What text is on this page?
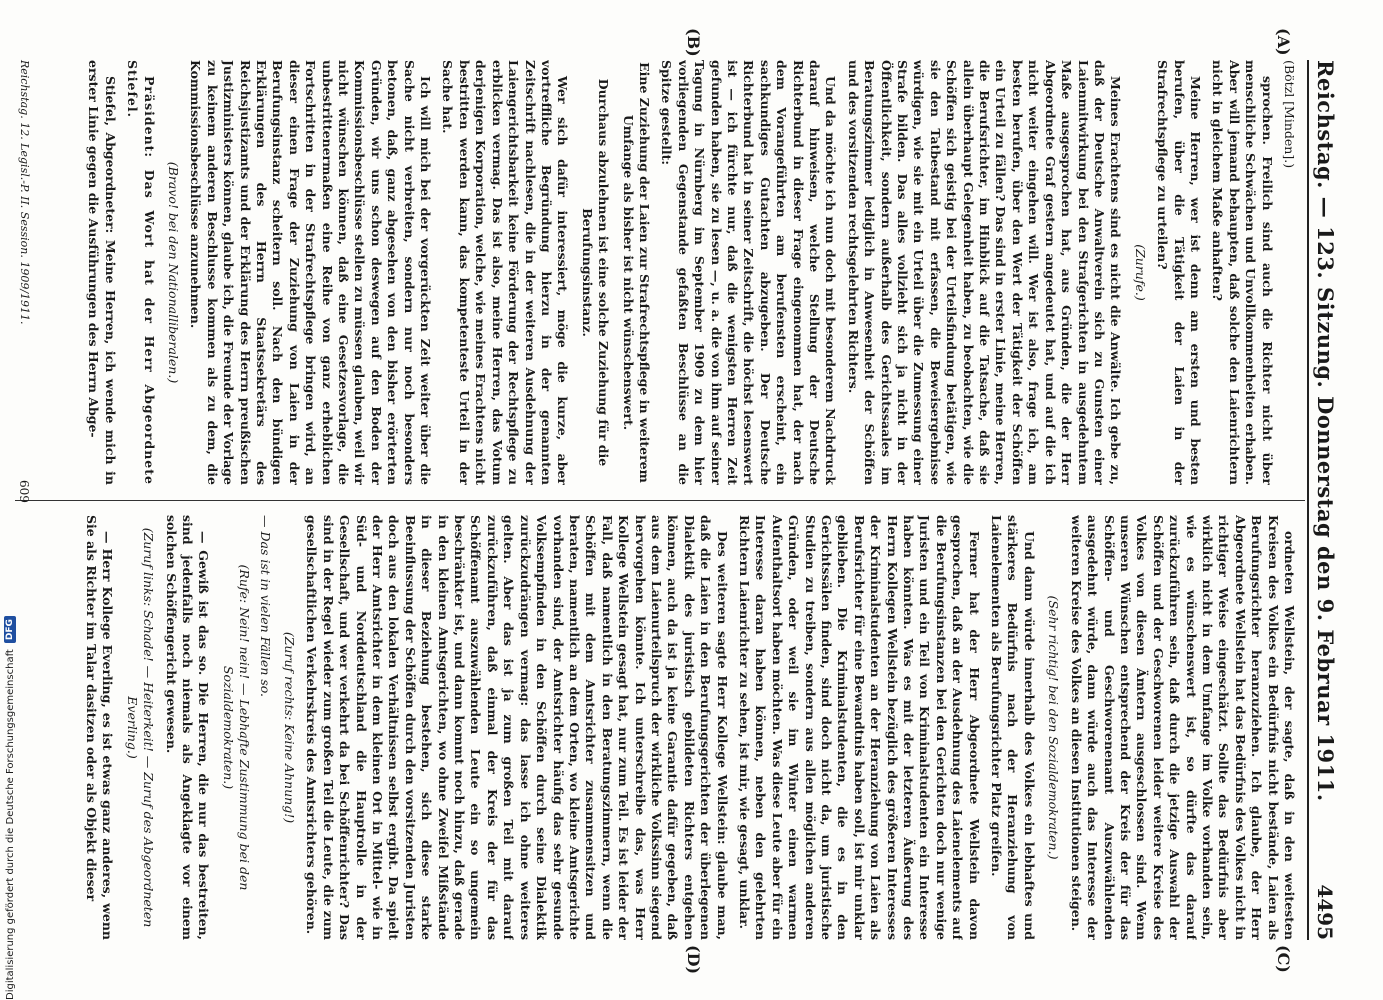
Reichstag. — 123. Sitzung. Donnerstag den 9. Februar 1911.
4495
(A)
(B)
(C)
(D)

(Bötzl [Minden].)

sprochen. Freilich sind auch die Richter nicht über menschliche Schwächen und Unvollkommenheiten erhaben. Aber will jemand behaupten, daß solche den Laienrichtern nicht in gleichem Maße anhaften?

Meine Herren, wer ist denn am ersten und besten berufen, über die Tätigkeit der Laien in der Strafrechtspflege zu urteilen?

(Zurufe.)

Meines Erachtens sind es nicht die Anwälte. Ich gebe zu, daß der Deutsche Anwaltverein sich zu Gunsten einer Laienmitwirkung bei den Strafgerichten in ausgedehntem Maße ausgesprochen hat, aus Gründen, die der Herr Abgeordnete Graf gestern angedeutet hat, und auf die ich nicht weiter eingehen will. Wer ist also, frage ich, am besten berufen, über den Wert der Tätigkeit der Schöffen ein Urteil zu fällen? Das sind in erster Linie, meine Herren, die Berufsrichter, im Hinblick auf die Tatsache, daß sie allein überhaupt Gelegenheit haben, zu beobachten, wie die Schöffen sich geistig bei der Urteilsfindung betätigen, wie sie den Tatbestand mit erfassen, die Beweisergebnisse würdigen, wie sie mit ein Urteil über die Zumessung einer Strafe bilden. Das alles vollzieht sich ja nicht in der Öffentlichkeit, sondern außerhalb des Gerichtssaales im Beratungszimmer lediglich in Anwesenheit der Schöffen und des vorsitzenden rechtsgelehrten Richters.

Und da möchte ich nun doch mit besonderem Nachdruck darauf hinweisen, welche Stellung der Deutsche Richterbund in dieser Frage eingenommen hat, der nach dem Vorangeführten am berufensten erscheint, ein sachkundiges Gutachten abzugeben. Der Deutsche Richterbund hat in seiner Zeitschrift, die höchst lesenswert ist — ich fürchte nur, daß die wenigsten Herren Zeit gefunden haben, sie zu lesen —, u. a. die von ihm auf seiner Tagung in Nürnberg im September 1909 zu dem hier vorliegenden Gegenstande gefaßten Beschlüsse an die Spitze gestellt:

Eine Zuziehung der Laien zur Strafrechtspflege in weiterem Umfange als bisher ist nicht wünschenswert.

Durchaus abzulehnen ist eine solche Zuziehung für die Berufungsinstanz.

Wer sich dafür interessiert, möge die kurze, aber vortreffliche Begründung hierzu in der genannten Zeitschrift nachlesen, die in der weiteren Ausdehnung der Laiengerichtsbarkeit keine Förderung der Rechtspflege zu erblicken vermag. Das ist also, meine Herren, das Votum derjenigen Korporation, welche, wie meines Erachtens nicht bestritten werden kann, das kompetenteste Urteil in der Sache hat.

Ich will mich bei der vorgerückten Zeit weiter über die Sache nicht verbreiten, sondern nur noch besonders betonen, daß, ganz abgesehen von den bisher erörterten Gründen, wir uns schon deswegen auf den Boden der Kommissionsbeschlüsse stellen zu müssen glauben, weil wir nicht wünschen können, daß eine Gesetzesvorlage, die unbestrittenermaßen eine Reihe von ganz erheblichen Fortschritten in der Strafrechtspflege bringen wird, an dieser einen Frage der Zuziehung von Laien in der Berufungsinstanz scheitern soll. Nach den bündigen Erklärungen des Herrn Staatssekretärs des Reichsjustizamts und der Erklärung des Herrn preußischen Justizministers können, glaube ich, die Freunde der Vorlage zu keinem anderen Beschlusse kommen als zu dem, die Kommissionsbeschlüsse anzunehmen.

(Bravo! bei den Nationalliberalen.)

Präsident: Das Wort hat der Herr Abgeordnete Stiefel.

Stiefel, Abgeordneter: Meine Herren, ich wende mich in erster Linie gegen die Ausführungen des Herrn Abge-

ordneten Wellstein, der sagte, daß in den weitesten Kreisen des Volkes ein Bedürfnis nicht bestände, Laien als Berufungsrichter heranzuziehen. Ich glaube, der Herr Abgeordnete Wellstein hat das Bedürfnis des Volkes nicht in richtiger Weise eingeschätzt. Sollte das Bedürfnis aber wirklich nicht in dem Umfange im Volke vorhanden sein, wie es wünschenswert ist, so dürfte das darauf zurückzuführen sein, daß durch die jetzige Auswahl der Schöffen und der Geschworenen leider weitere Kreise des Volkes von diesen Ämtern ausgeschlossen sind. Wenn unseren Wünschen entsprechend der Kreis der für das Schöffen- und Geschworenenamt Auszuwählenden ausgedehnt würde, dann würde auch das Interesse der weiteren Kreise des Volkes an diesen Institutionen steigen.

(Sehr richtig! bei den Sozialdemokraten.)

Und dann würde innerhalb des Volkes ein lebhaftes und stärkeres Bedürfnis nach der Heranziehung von Laienelementen als Berufungsrichter Platz greifen.

Ferner hat der Herr Abgeordnete Wellstein davon gesprochen, daß an der Ausdehnung des Laienelements auf die Berufungsinstanzen bei den Gerichten doch nur wenige Juristen und ein Teil von Kriminalstudenten ein Interesse haben könnten. Was es mit der letzteren Äußerung des Herrn Kollegen Wellstein bezüglich des größeren Interesses der Kriminalstudenten an der Heranziehung von Laien als Berufsrichter für eine Bewandtnis haben soll, ist mir unklar geblieben. Die Kriminalstudenten, die es in den Gerichtssälen finden, sind doch nicht da, um juristische Studien zu treiben, sondern aus allen möglichen anderen Gründen, oder weil sie im Winter einen warmen Aufenthaltsort haben möchten. Was diese Leute aber für ein Interesse daran haben können, neben den gelehrten Richtern Laienrichter zu sehen, ist mir, wie gesagt, unklar.

Des weiteren sagte Herr Kollege Wellstein: glaube man, daß die Laien in den Berufungsgerichten der überlegenen Dialektik des juristisch gebildeten Richters entgehen können, auch da ist ja keine Garantie dafür gegeben, daß aus dem Laienurteilspruch der wirkliche Volkssinn siegend hervorgehen könnte. Ich unterschreibe das, was Herr Kollege Wellstein gesagt hat, nur zum Teil. Es ist leider der Fall, daß namentlich in den Beratungszimmern, wenn die Schöffen mit dem Amtsrichter zusammensitzen und beraten, namentlich an dem Orten, wo kleine Amtsgerichte vorhanden sind, der Amtsrichter häufig das sehr gesunde Volksempfinden in den Schöffen durch seine Dialektik zurückzudrängen vermag: das lasse ich ohne weiteres gelten. Aber das ist ja zum großen Teil mit darauf zurückzuführen, daß einmal der Kreis der für das Schöffenamt auszuwählenden Leute ein so ungemein beschränkter ist, und dann kommt noch hinzu, daß gerade in den kleinen Amtsgerichten, wo ohne Zweifel Mißstände in dieser Beziehung bestehen, sich diese starke Beeinflussung der Schöffen durch den vorsitzenden Juristen doch aus den lokalen Verhältnissen selbst ergibt. Da spielt der Herr Amtsrichter in dem kleinen Ort in Mittel- wie in Süd- und Norddeutschland die Hauptrolle in der Gesellschaft, und wer verkehrt da bei Schöffenrichter? Das sind in der Regel wieder zum großen Teil die Leute, die zum gesellschaftlichen Verkehrskreis des Amtsrichters gehören.

(Zuruf rechts: Keine Ahnung!)

— Das ist in vielen Fällen so.

(Rufe: Nein! nein! — Lebhafte Zustimmung bei den Sozialdemokraten.)

— Gewiß ist das so. Die Herren, die nur das bestreiten, sind jedenfalls noch niemals als Angeklagte vor einem solchen Schöffengericht gewesen.

(Zuruf links: Schade! — Heiterkeit! — Zuruf des Abgeordneten Everling.)

— Herr Kollege Everling, es ist etwas ganz anderes, wenn Sie als Richter im Talar dasitzen oder als Objekt dieser

Reichstag. 12. Legisl.-P. II. Session. 1909/1911.
609
Digitalisierung gefördert durch die Deutsche Forschungsgemeinschaft
DFG
